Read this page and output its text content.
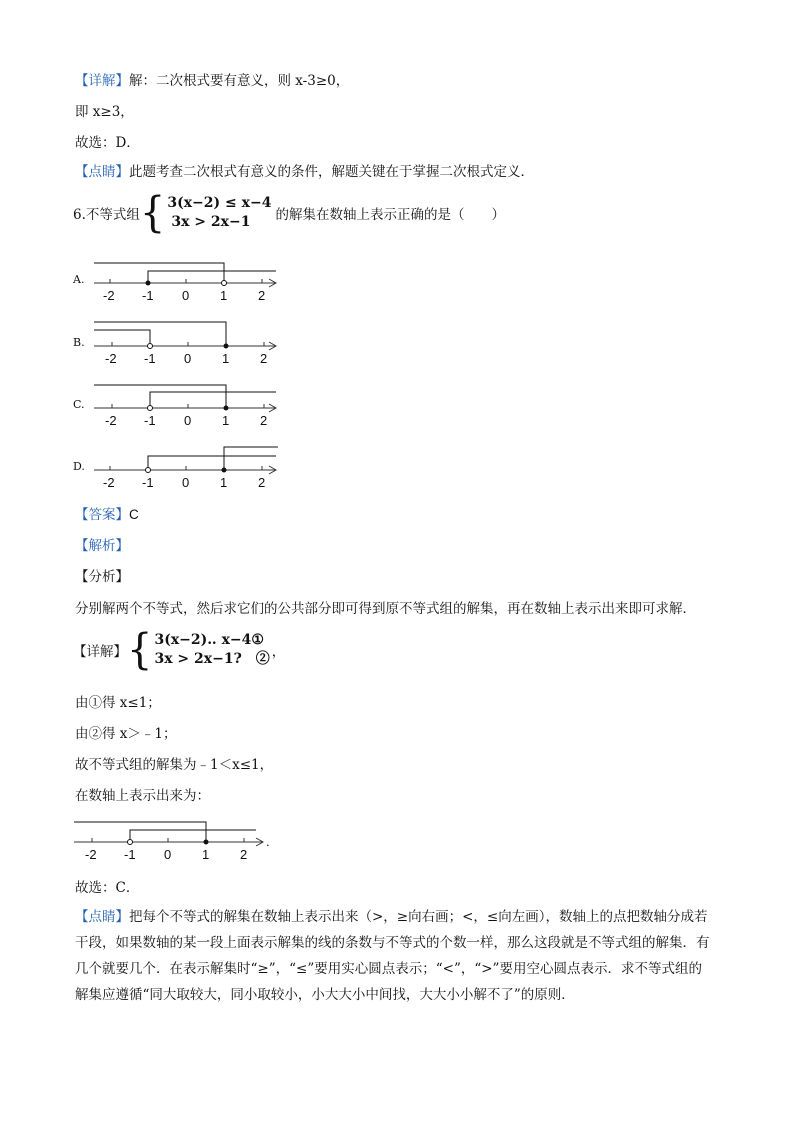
【详解】解：二次根式要有意义，则 x-3≥0，
即 x≥3，
故选：D．
【点睛】此题考查二次根式有意义的条件，解题关键在于掌握二次根式定义．
6.不等式组 { 3(x−2) ≤ x−4
3x > 2x−1	的解集在数轴上表示正确的是（　　）
A.
-2 -1 0 1 2
B.
-2 -1 0 1 2
C.
-2 -1 0 1 2
D.
-2 -1 0 1 2
【答案】C
【解析】
【分析】
分别解两个不等式，然后求它们的公共部分即可得到原不等式组的解集，再在数轴上表示出来即可求解．
【详解】 { 3(x−2)‥ x−4①
3x > 2x−1?　② ，
由①得 x≤1；
由②得 x＞﹣1；
故不等式组的解集为﹣1＜x≤1，
在数轴上表示出来为：
-2 -1 0 1 2
.
故选：C．
【点睛】把每个不等式的解集在数轴上表示出来（>，≥向右画；<，≤向左画），数轴上的点把数轴分成若干段，如果数轴的某一段上面表示解集的线的条数与不等式的个数一样，那么这段就是不等式组的解集．有几个就要几个．在表示解集时“≥”，“≤”要用实心圆点表示；“<”，“>”要用空心圆点表示．求不等式组的解集应遵循“同大取较大，同小取较小，小大大小中间找，大大小小解不了”的原则．
